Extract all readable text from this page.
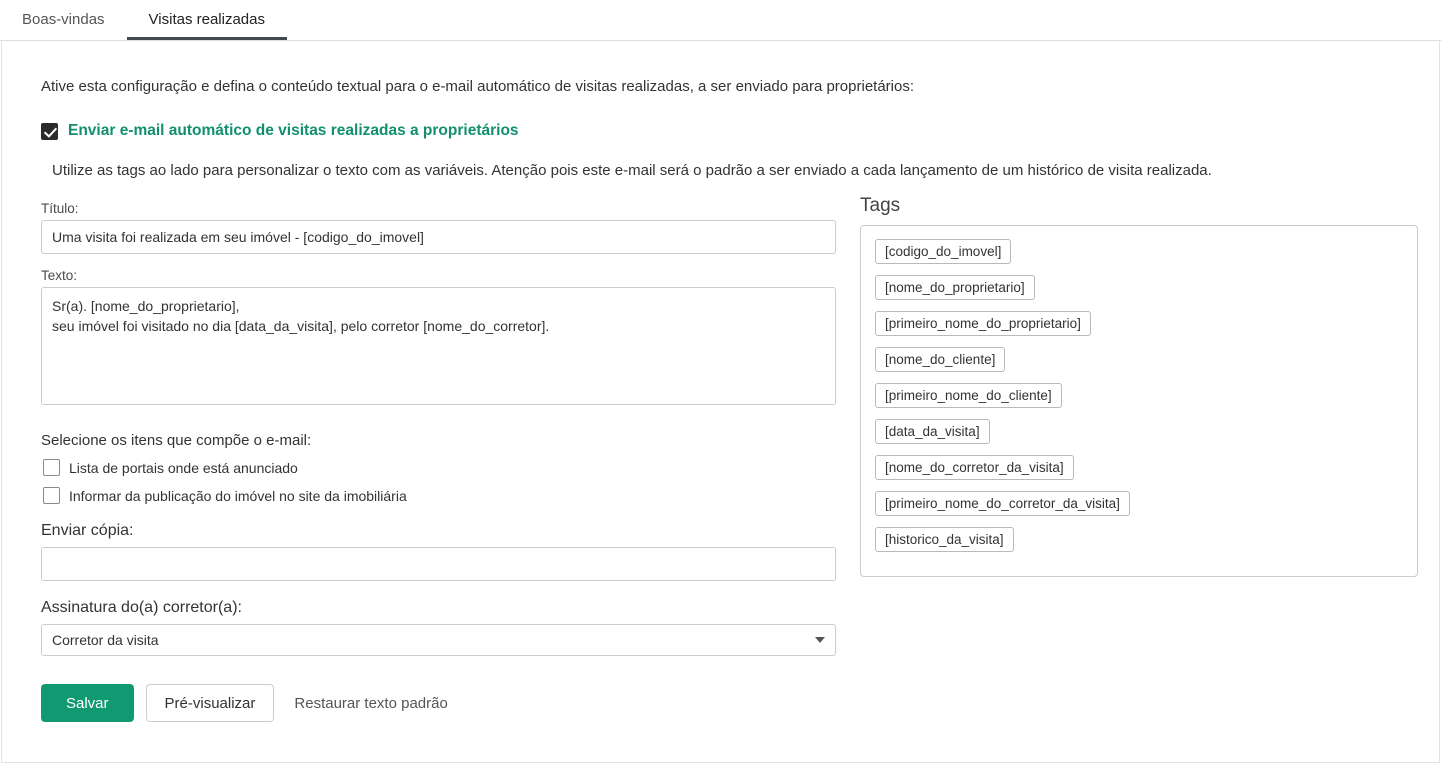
Boas-vindas	Visitas realizadas
Ative esta configuração e defina o conteúdo textual para o e-mail automático de visitas realizadas, a ser enviado para proprietários:
Enviar e-mail automático de visitas realizadas a proprietários
Utilize as tags ao lado para personalizar o texto com as variáveis. Atenção pois este e-mail será o padrão a ser enviado a cada lançamento de um histórico de visita realizada.
Título:
Uma visita foi realizada em seu imóvel - [codigo_do_imovel]
Texto:
Sr(a). [nome_do_proprietario], seu imóvel foi visitado no dia [data_da_visita], pelo corretor [nome_do_corretor].
Selecione os itens que compõe o e-mail:
Lista de portais onde está anunciado
Informar da publicação do imóvel no site da imobiliária
Enviar cópia:
Assinatura do(a) corretor(a):
Corretor da visita
Salvar	Pré-visualizar	Restaurar texto padrão
Tags
[codigo_do_imovel]
[nome_do_proprietario]
[primeiro_nome_do_proprietario]
[nome_do_cliente]
[primeiro_nome_do_cliente]
[data_da_visita]
[nome_do_corretor_da_visita]
[primeiro_nome_do_corretor_da_visita]
[historico_da_visita]
